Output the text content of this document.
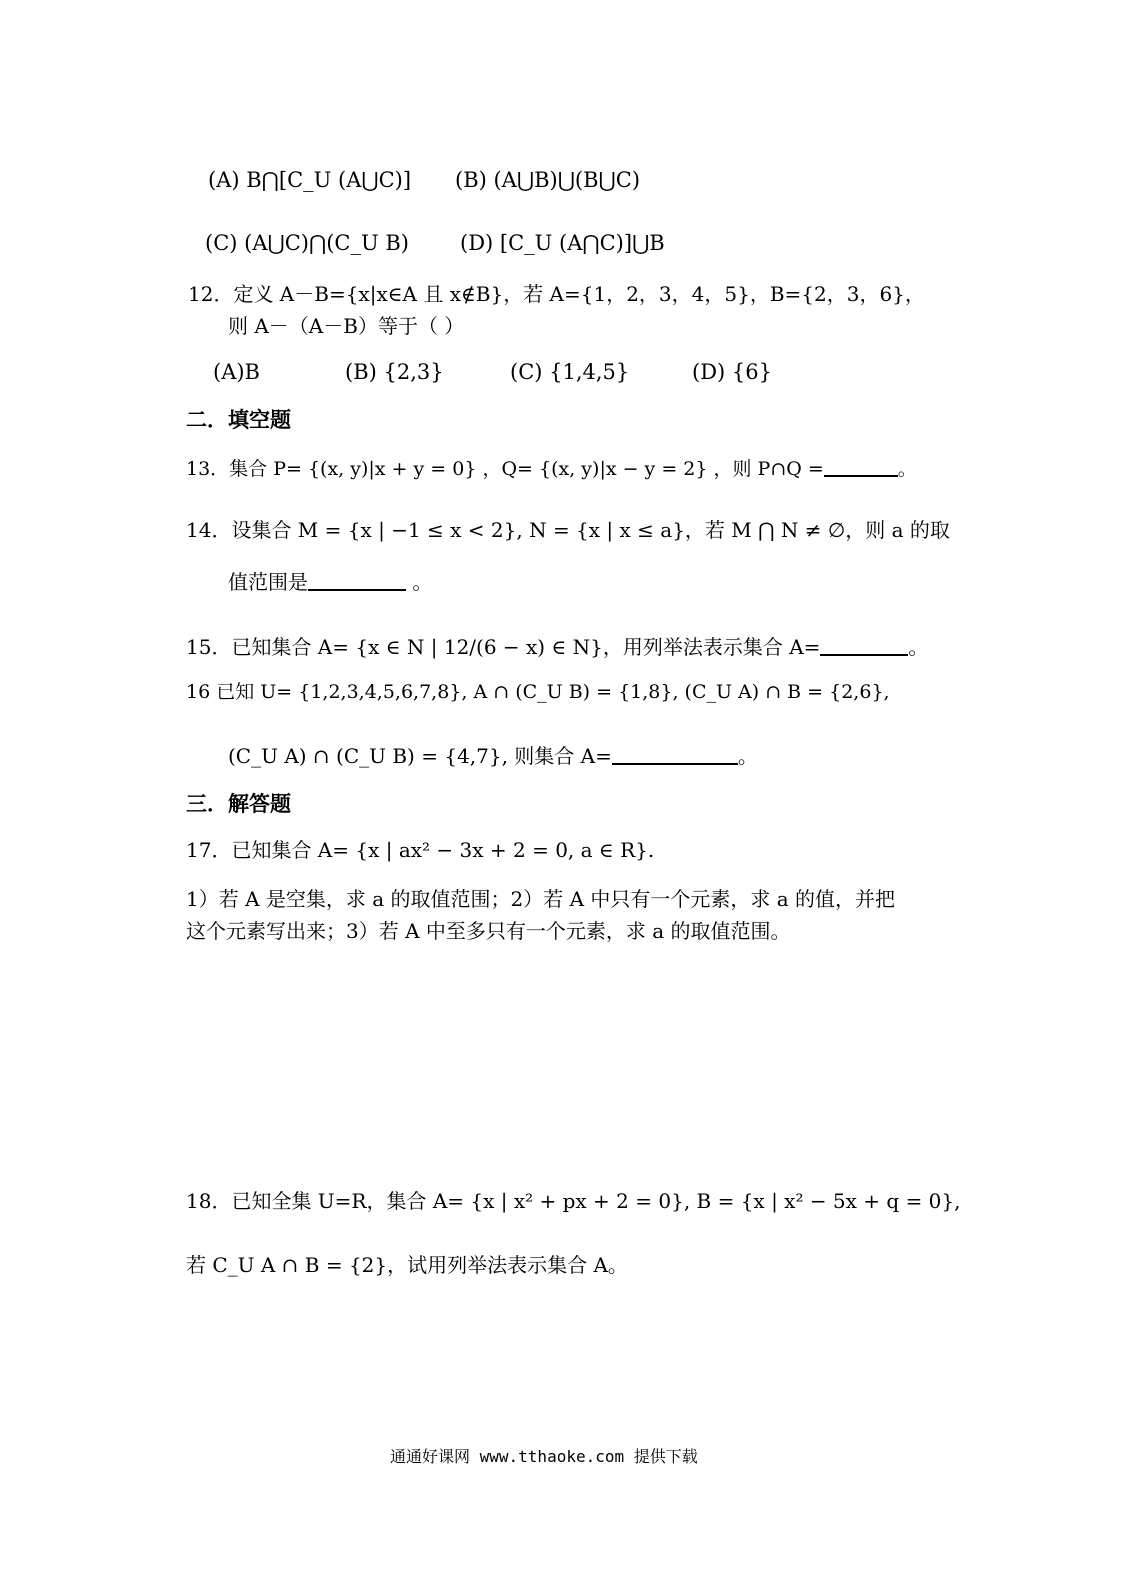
(A) B⋂[C_U (A⋃C)] (B) (A⋃B)⋃(B⋃C)
(C) (A⋃C)⋂(C_U B) (D) [C_U (A⋂C)]⋃B
12．定义 A－B={x|x∈A 且 x∉B}，若 A={1，2，3，4，5}，B={2，3，6}，
则 A－（A－B）等于（ ）
(A)B	(B) {2,3}	(C) {1,4,5}	(D) {6}
二．填空题
13．集合 P= {(x, y)|x + y = 0} ，Q= {(x, y)|x − y = 2} ，则 P∩Q =	。
14．设集合 M = {x | −1 ≤ x < 2}, N = {x | x ≤ a}，若 M ⋂ N ≠ ∅，则 a 的取
值范围是	。
15．已知集合 A= {x ∈ N | 12/(6 − x) ∈ N}，用列举法表示集合 A=	。
16 已知 U= {1,2,3,4,5,6,7,8}, A ∩ (C_U B) = {1,8}, (C_U A) ∩ B = {2,6},
(C_U A) ∩ (C_U B) = {4,7}, 则集合 A=	。
三．解答题
17．已知集合 A= {x | ax² − 3x + 2 = 0, a ∈ R}.
1）若 A 是空集，求 a 的取值范围；2）若 A 中只有一个元素，求 a 的值，并把
这个元素写出来；3）若 A 中至多只有一个元素，求 a 的取值范围。
18．已知全集 U=R，集合 A= {x | x² + px + 2 = 0}, B = {x | x² − 5x + q = 0},
若 C_U A ∩ B = {2}，试用列举法表示集合 A。
通通好课网 www.tthaoke.com 提供下载
